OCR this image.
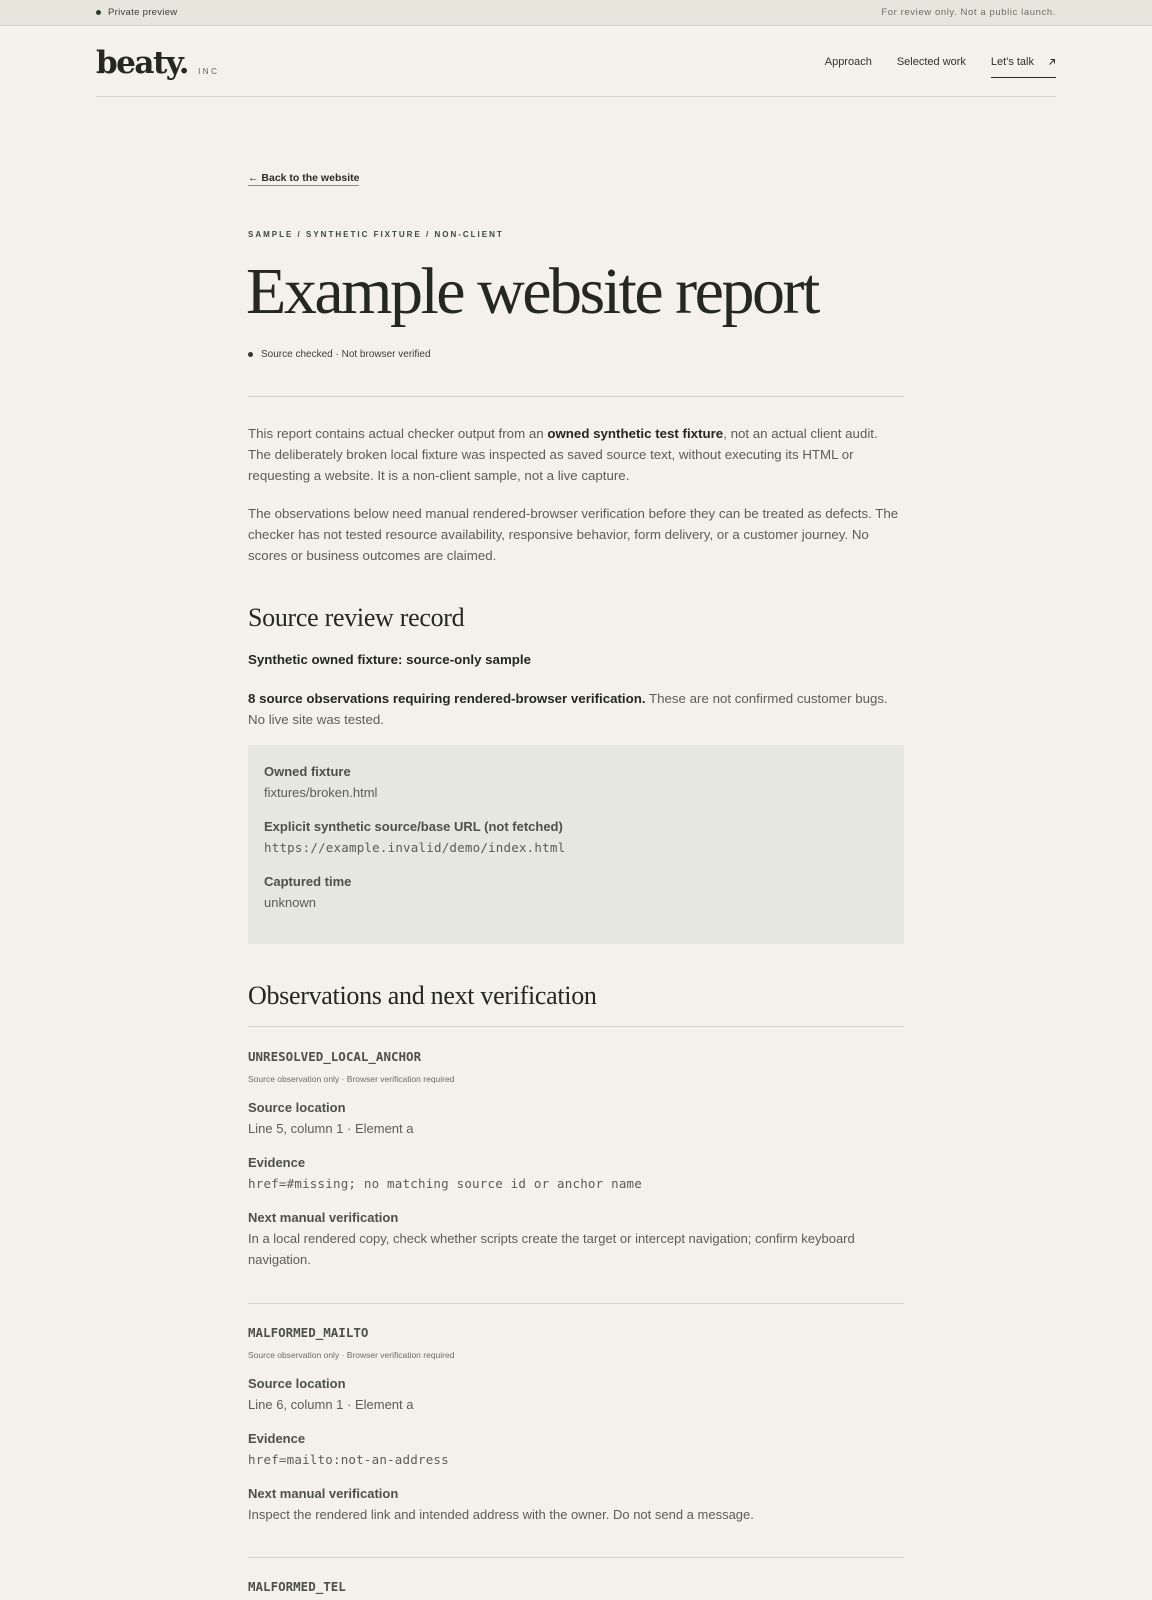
Private preview	For review only. Not a public launch.
beaty. INC
Approach Selected work Let's talk
← Back to the website
SAMPLE / SYNTHETIC FIXTURE / NON-CLIENT
Example website report
Source checked · Not browser verified

This report contains actual checker output from an owned synthetic test fixture, not an actual client audit. The deliberately broken local fixture was inspected as saved source text, without executing its HTML or requesting a website. It is a non-client sample, not a live capture.

The observations below need manual rendered-browser verification before they can be treated as defects. The checker has not tested resource availability, responsive behavior, form delivery, or a customer journey. No scores or business outcomes are claimed.

Source review record
Synthetic owned fixture: source-only sample

8 source observations requiring rendered-browser verification. These are not confirmed customer bugs. No live site was tested.

Owned fixture
fixtures/broken.html
Explicit synthetic source/base URL (not fetched)
https://example.invalid/demo/index.html
Captured time
unknown
Observations and next verification
UNRESOLVED_LOCAL_ANCHOR
Source observation only · Browser verification required
Source location
Line 5, column 1 · Element a
Evidence
href=#missing; no matching source id or anchor name
Next manual verification
In a local rendered copy, check whether scripts create the target or intercept navigation; confirm keyboard navigation.
MALFORMED_MAILTO
Source observation only · Browser verification required
Source location
Line 6, column 1 · Element a
Evidence
href=mailto:not-an-address
Next manual verification
Inspect the rendered link and intended address with the owner. Do not send a message.
MALFORMED_TEL
